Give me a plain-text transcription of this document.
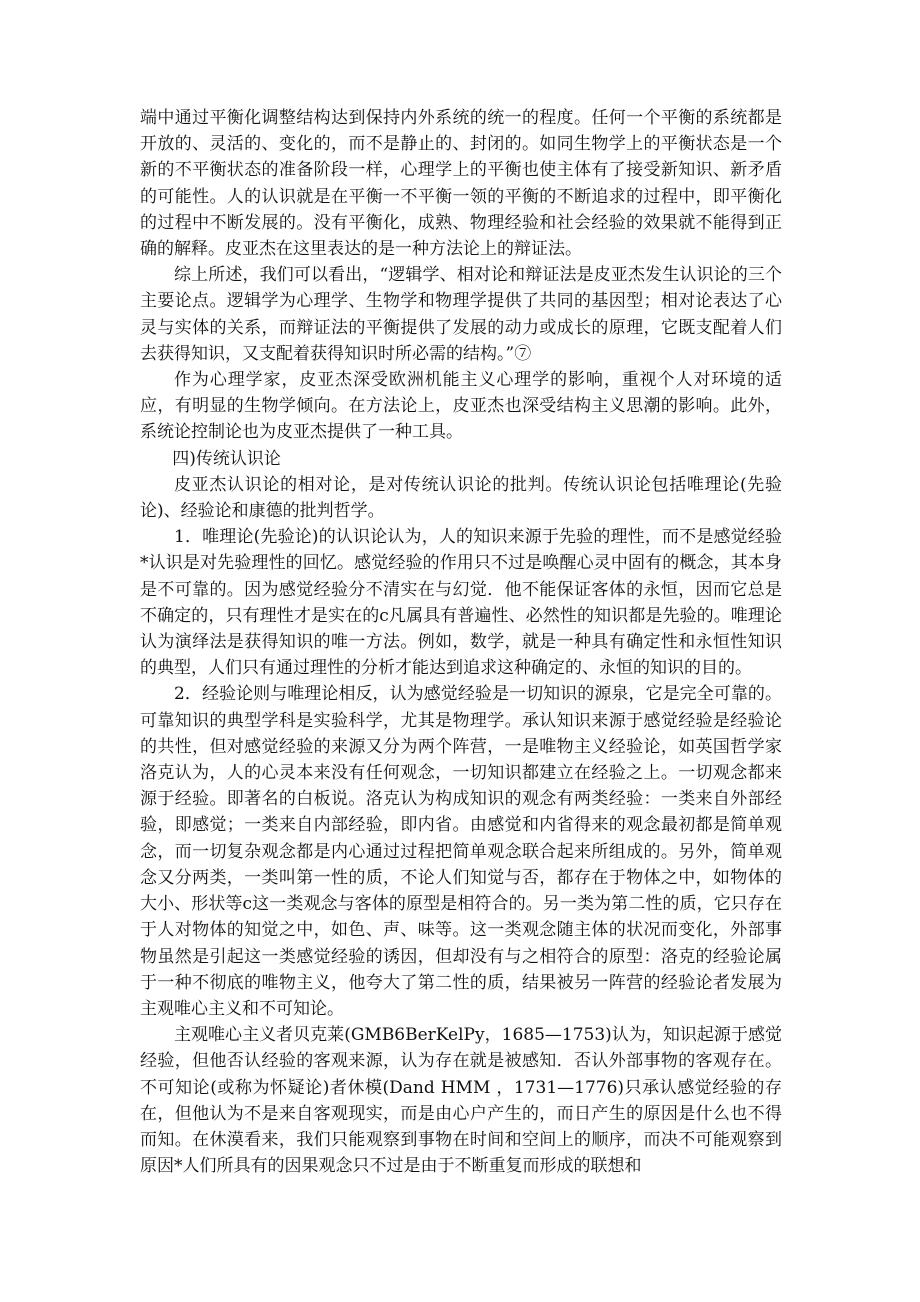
端中通过平衡化调整结构达到保持内外系统的统一的程度。任何一个平衡的系统都是开放的、灵活的、变化的，而不是静止的、封闭的。如同生物学上的平衡状态是一个新的不平衡状态的准备阶段一样，心理学上的平衡也使主体有了接受新知识、新矛盾的可能性。人的认识就是在平衡一不平衡一领的平衡的不断追求的过程中，即平衡化的过程中不断发展的。没有平衡化，成熟、物理经验和社会经验的效果就不能得到正确的解释。皮亚杰在这里表达的是一种方法论上的辩证法。

综上所述，我们可以看出，“逻辑学、相对论和辩证法是皮亚杰发生认识论的三个主要论点。逻辑学为心理学、生物学和物理学提供了共同的基因型；相对论表达了心灵与实体的关系，而辩证法的平衡提供了发展的动力或成长的原理，它既支配着人们去获得知识，又支配着获得知识时所必需的结构。”⑦

作为心理学家，皮亚杰深受欧洲机能主义心理学的影响，重视个人对环境的适应，有明显的生物学倾向。在方法论上，皮亚杰也深受结构主义思潮的影响。此外，系统论控制论也为皮亚杰提供了一种工具。

四)传统认识论

皮亚杰认识论的相对论，是对传统认识论的批判。传统认识论包括唯理论(先验论)、经验论和康德的批判哲学。

1．唯理论(先验论)的认识论认为，人的知识来源于先验的理性，而不是感觉经验*认识是对先验理性的回忆。感觉经验的作用只不过是唤醒心灵中固有的概念，其本身是不可靠的。因为感觉经验分不清实在与幻觉．他不能保证客体的永恒，因而它总是不确定的，只有理性才是实在的c凡属具有普遍性、必然性的知识都是先验的。唯理论认为演绎法是获得知识的唯一方法。例如，数学，就是一种具有确定性和永恒性知识的典型，人们只有通过理性的分析才能达到追求这种确定的、永恒的知识的目的。

2．经验论则与唯理论相反，认为感觉经验是一切知识的源泉，它是完全可靠的。可靠知识的典型学科是实验科学，尤其是物理学。承认知识来源于感觉经验是经验论的共性，但对感觉经验的来源又分为两个阵营，一是唯物主义经验论，如英国哲学家洛克认为，人的心灵本来没有任何观念，一切知识都建立在经验之上。一切观念都来源于经验。即著名的白板说。洛克认为构成知识的观念有两类经验：一类来自外部经验，即感觉；一类来自内部经验，即内省。由感觉和内省得来的观念最初都是简单观念，而一切复杂观念都是内心通过过程把简单观念联合起来所组成的。另外，简单观念又分两类，一类叫第一性的质，不论人们知觉与否，都存在于物体之中，如物体的大小、形状等c这一类观念与客体的原型是相符合的。另一类为第二性的质，它只存在于人对物体的知觉之中，如色、声、味等。这一类观念随主体的状况而变化，外部事物虽然是引起这一类感觉经验的诱因，但却没有与之相符合的原型：洛克的经验论属于一种不彻底的唯物主义，他夸大了第二性的质，结果被另一阵营的经验论者发展为主观唯心主义和不可知论。

主观唯心主义者贝克莱(GMB6BerKelPy，1685—1753)认为，知识起源于感觉经验，但他否认经验的客观来源，认为存在就是被感知．否认外部事物的客观存在。不可知论(或称为怀疑论)者休模(Dand HMM ，1731—1776)只承认感觉经验的存在，但他认为不是来自客观现实，而是由心户产生的，而日产生的原因是什么也不得而知。在休漠看来，我们只能观察到事物在时间和空间上的顺序，而决不可能观察到原因*人们所具有的因果观念只不过是由于不断重复而形成的联想和
